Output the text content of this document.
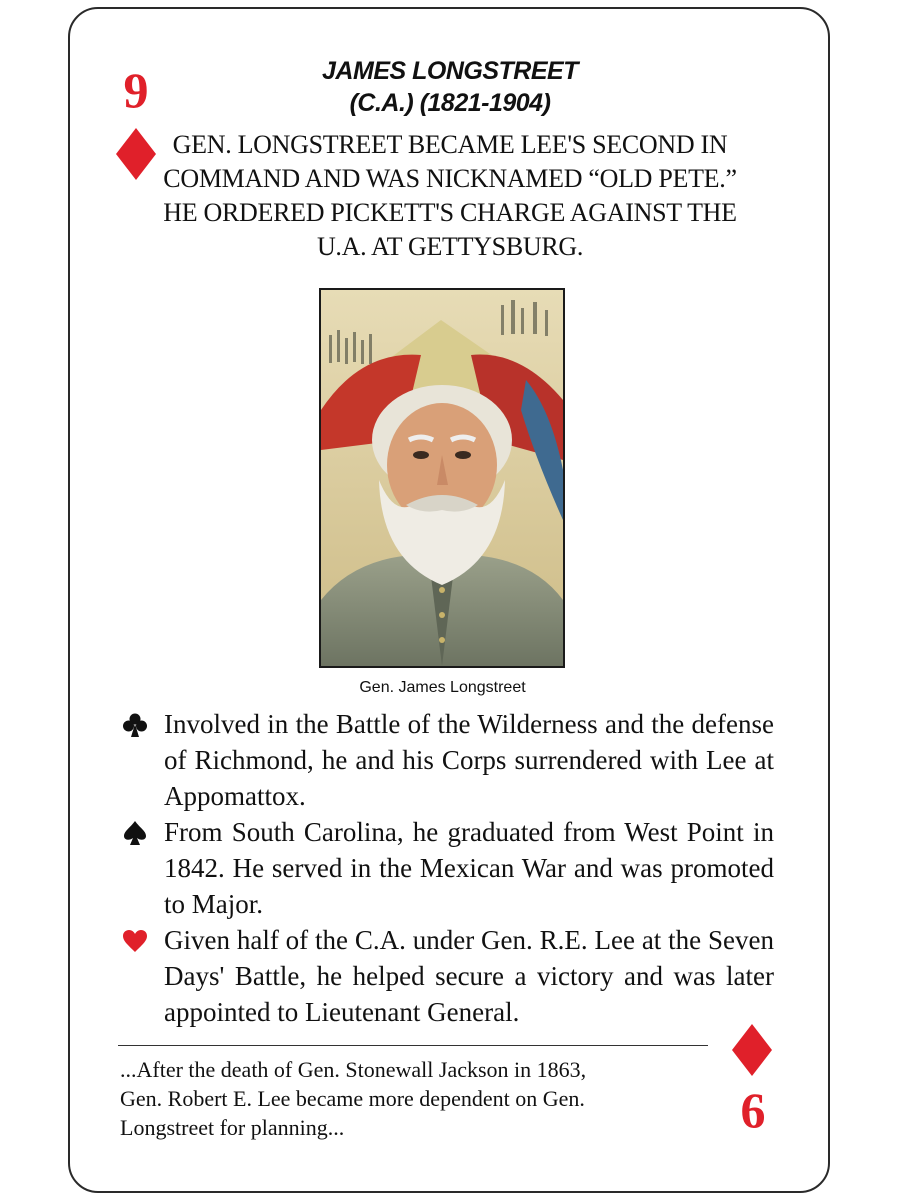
9	JAMES LONGSTREET
(C.A.) (1821-1904)
GEN. LONGSTREET BECAME LEE'S SECOND IN COMMAND AND WAS NICKNAMED “OLD PETE.” HE ORDERED PICKETT'S CHARGE AGAINST THE U.A. AT GETTYSBURG.
Gen. James Longstreet
Involved in the Battle of the Wilderness and the defense of Richmond, he and his Corps surrendered with Lee at Appomattox.
From South Carolina, he graduated from West Point in 1842. He served in the Mexican War and was promoted to Major.
Given half of the C.A. under Gen. R.E. Lee at the Seven Days' Battle, he helped secure a victory and was later appointed to Lieutenant General.
...After the death of Gen. Stonewall Jackson in 1863,
Gen. Robert E. Lee became more dependent on Gen.
Longstreet for planning...	6
